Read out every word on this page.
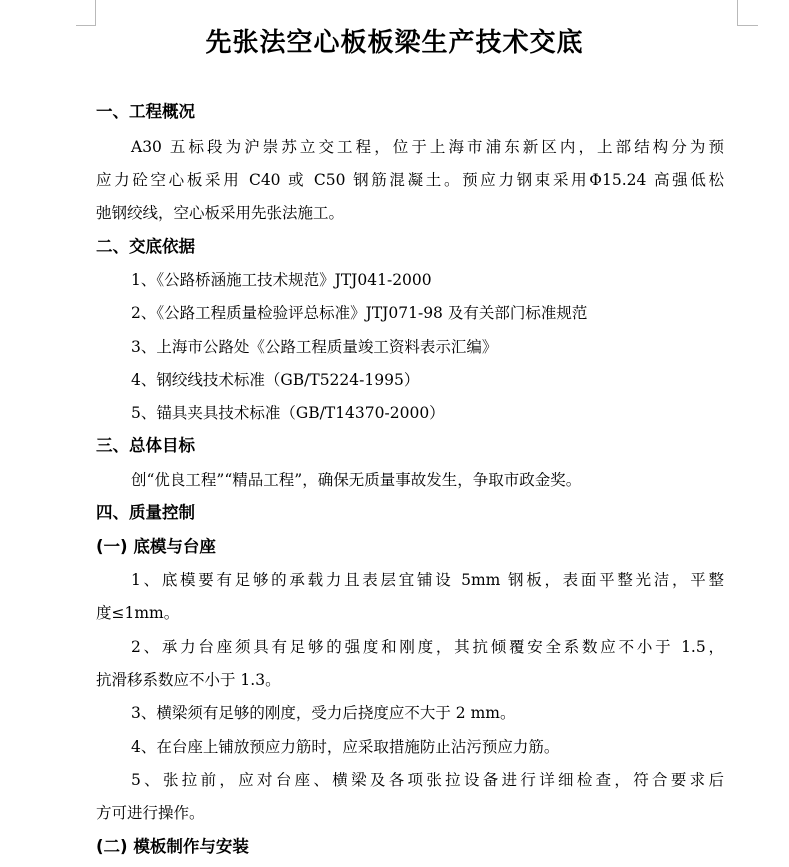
先张法空心板板梁生产技术交底
一、工程概况
A30 五标段为沪崇苏立交工程，位于上海市浦东新区内，上部结构分为预
应力砼空心板采用 C40 或 C50 钢筋混凝土。预应力钢束采用Φ15.24 高强低松
弛钢绞线，空心板采用先张法施工。
二、交底依据
1、《公路桥涵施工技术规范》JTJ041-2000
2、《公路工程质量检验评总标准》JTJ071-98 及有关部门标准规范
3、上海市公路处《公路工程质量竣工资料表示汇编》
4、钢绞线技术标准（GB/T5224-1995）
5、锚具夹具技术标准（GB/T14370-2000）
三、总体目标
创“优良工程”“精品工程”，确保无质量事故发生，争取市政金奖。
四、质量控制
(一) 底模与台座
1、底模要有足够的承载力且表层宜铺设 5mm 钢板，表面平整光洁，平整
度≤1mm。
2、承力台座须具有足够的强度和刚度，其抗倾覆安全系数应不小于 1.5，
抗滑移系数应不小于 1.3。
3、横梁须有足够的刚度，受力后挠度应不大于 2 mm。
4、在台座上铺放预应力筋时，应采取措施防止沾污预应力筋。
5、张拉前，应对台座、横梁及各项张拉设备进行详细检查，符合要求后
方可进行操作。
(二) 模板制作与安装
